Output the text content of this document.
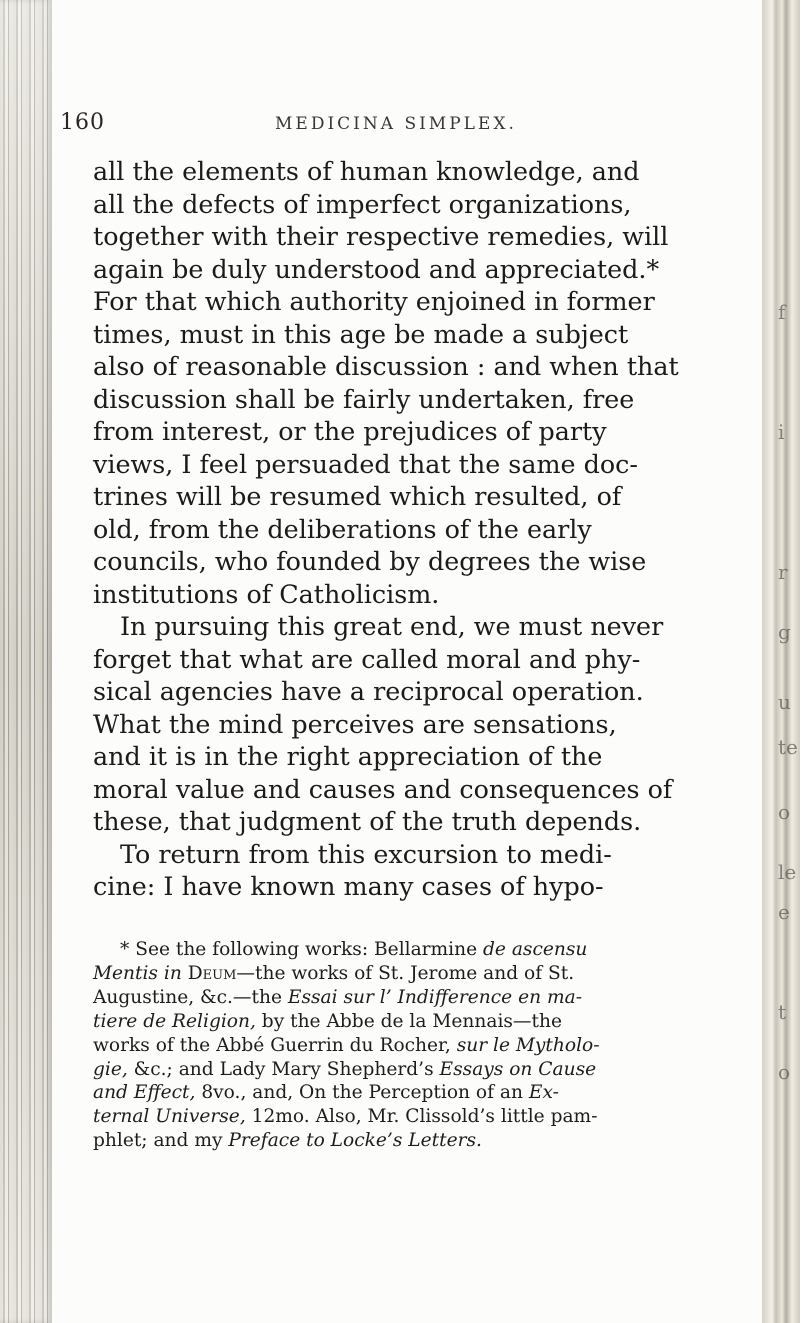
f
i
r
g
u
te
o
le
e
t
o
160	MEDICINA SIMPLEX.
all the elements of human knowledge, and
all the defects of imperfect organizations,
together with their respective remedies, will
again be duly understood and appreciated.*
For that which authority enjoined in former
times, must in this age be made a subject
also of reasonable discussion : and when that
discussion shall be fairly undertaken, free
from interest, or the prejudices of party
views, I feel persuaded that the same doc-
trines will be resumed which resulted, of
old, from the deliberations of the early
councils, who founded by degrees the wise
institutions of Catholicism.
In pursuing this great end, we must never
forget that what are called moral and phy-
sical agencies have a reciprocal operation.
What the mind perceives are sensations,
and it is in the right appreciation of the
moral value and causes and consequences of
these, that judgment of the truth depends.
To return from this excursion to medi-
cine: I have known many cases of hypo-
* See the following works: Bellarmine de ascensu
Mentis in Deum—the works of St. Jerome and of St.
Augustine, &c.—the Essai sur l’ Indifference en ma-
tiere de Religion, by the Abbe de la Mennais—the
works of the Abbé Guerrin du Rocher, sur le Mytholo-
gie, &c.; and Lady Mary Shepherd’s Essays on Cause
and Effect, 8vo., and, On the Perception of an Ex-
ternal Universe, 12mo. Also, Mr. Clissold’s little pam-
phlet; and my Preface to Locke’s Letters.
